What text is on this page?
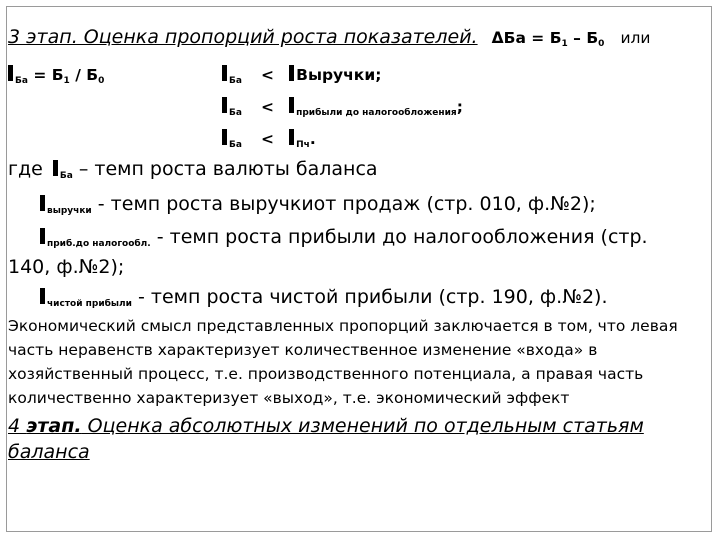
3 этап. Оценка пропорций роста показателей. $\Delta Ба = Б_1 - Б_0$ или
$_{Ба} = Б_1 / Б_0$	$_{Ба}$ < Выручки;
$_{Ба}$ < $_{прибыли до налогообложения}$;
$_{Ба}$ < $_{Пч}$.
где $_{Ба}$ – темп роста валюты баланса
$_{выручки}$ - темп роста выручкиот продаж (стр. 010, ф.№2);
$_{приб.до налогообл.}$ - темп роста прибыли до налогообложения (стр.
140, ф.№2);
$_{чистой прибыли}$ - темп роста чистой прибыли (стр. 190, ф.№2).
Экономический смысл представленных пропорций заключается в том, что левая
часть неравенств характеризует количественное изменение «входа» в
хозяйственный процесс, т.е. производственного потенциала, а правая часть
количественно характеризует «выход», т.е. экономический эффект
4 этап. Оценка абсолютных изменений по отдельным статьям
баланса
